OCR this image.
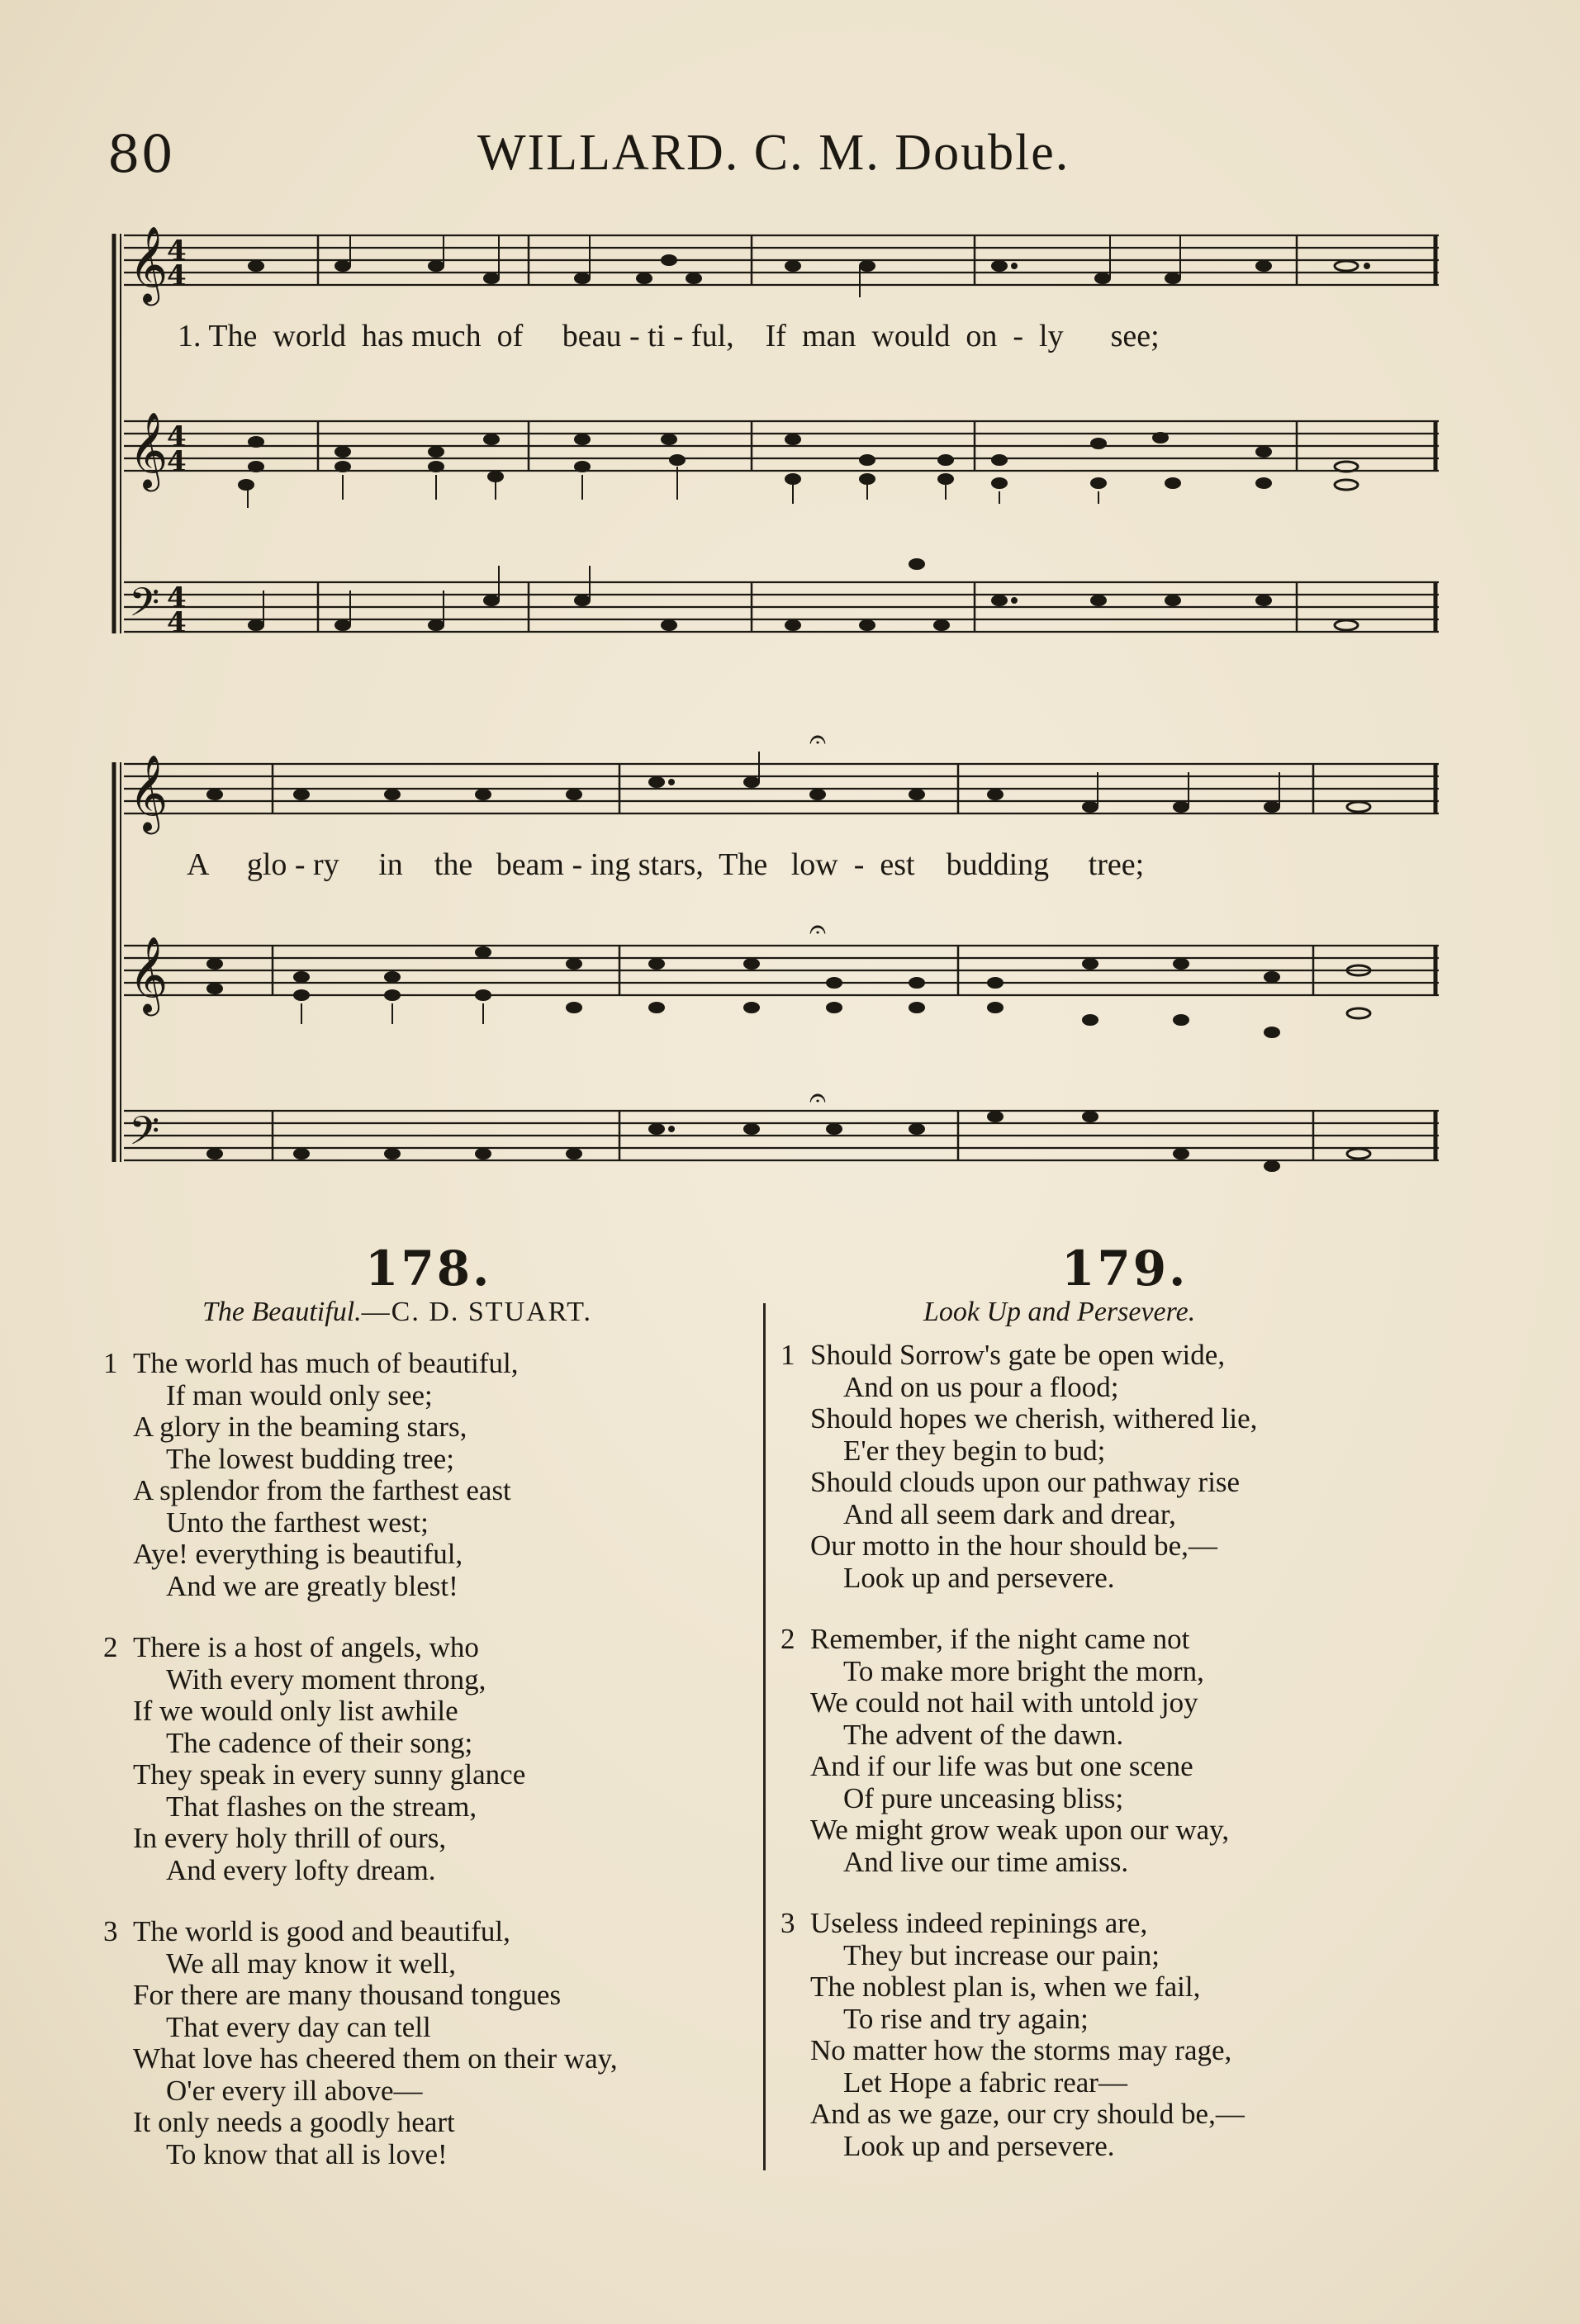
80	WILLARD. C. M. Double.
𝄞
𝄞
𝄢
4
4
4
4
4
4
1. The  world  has much  of     beau - ti - ful,    If  man  would  on  -  ly      see;
𝄞
𝄞
𝄢
𝄐
𝄐
𝄐
A     glo - ry     in    the   beam - ing stars,  The   low  -  est    budding     tree;
178.
The Beautiful.—C. D. STUART.
1 The world has much of beautiful,
If man would only see;
A glory in the beaming stars,
The lowest budding tree;
A splendor from the farthest east
Unto the farthest west;
Aye! everything is beautiful,
And we are greatly blest!
2 There is a host of angels, who
With every moment throng,
If we would only list awhile
The cadence of their song;
They speak in every sunny glance
That flashes on the stream,
In every holy thrill of ours,
And every lofty dream.
3 The world is good and beautiful,
We all may know it well,
For there are many thousand tongues
That every day can tell
What love has cheered them on their way,
O'er every ill above—
It only needs a goodly heart
To know that all is love!
179.
Look Up and Persevere.
1 Should Sorrow's gate be open wide,
And on us pour a flood;
Should hopes we cherish, withered lie,
E'er they begin to bud;
Should clouds upon our pathway rise
And all seem dark and drear,
Our motto in the hour should be,—
Look up and persevere.
2 Remember, if the night came not
To make more bright the morn,
We could not hail with untold joy
The advent of the dawn.
And if our life was but one scene
Of pure unceasing bliss;
We might grow weak upon our way,
And live our time amiss.
3 Useless indeed repinings are,
They but increase our pain;
The noblest plan is, when we fail,
To rise and try again;
No matter how the storms may rage,
Let Hope a fabric rear—
And as we gaze, our cry should be,—
Look up and persevere.
